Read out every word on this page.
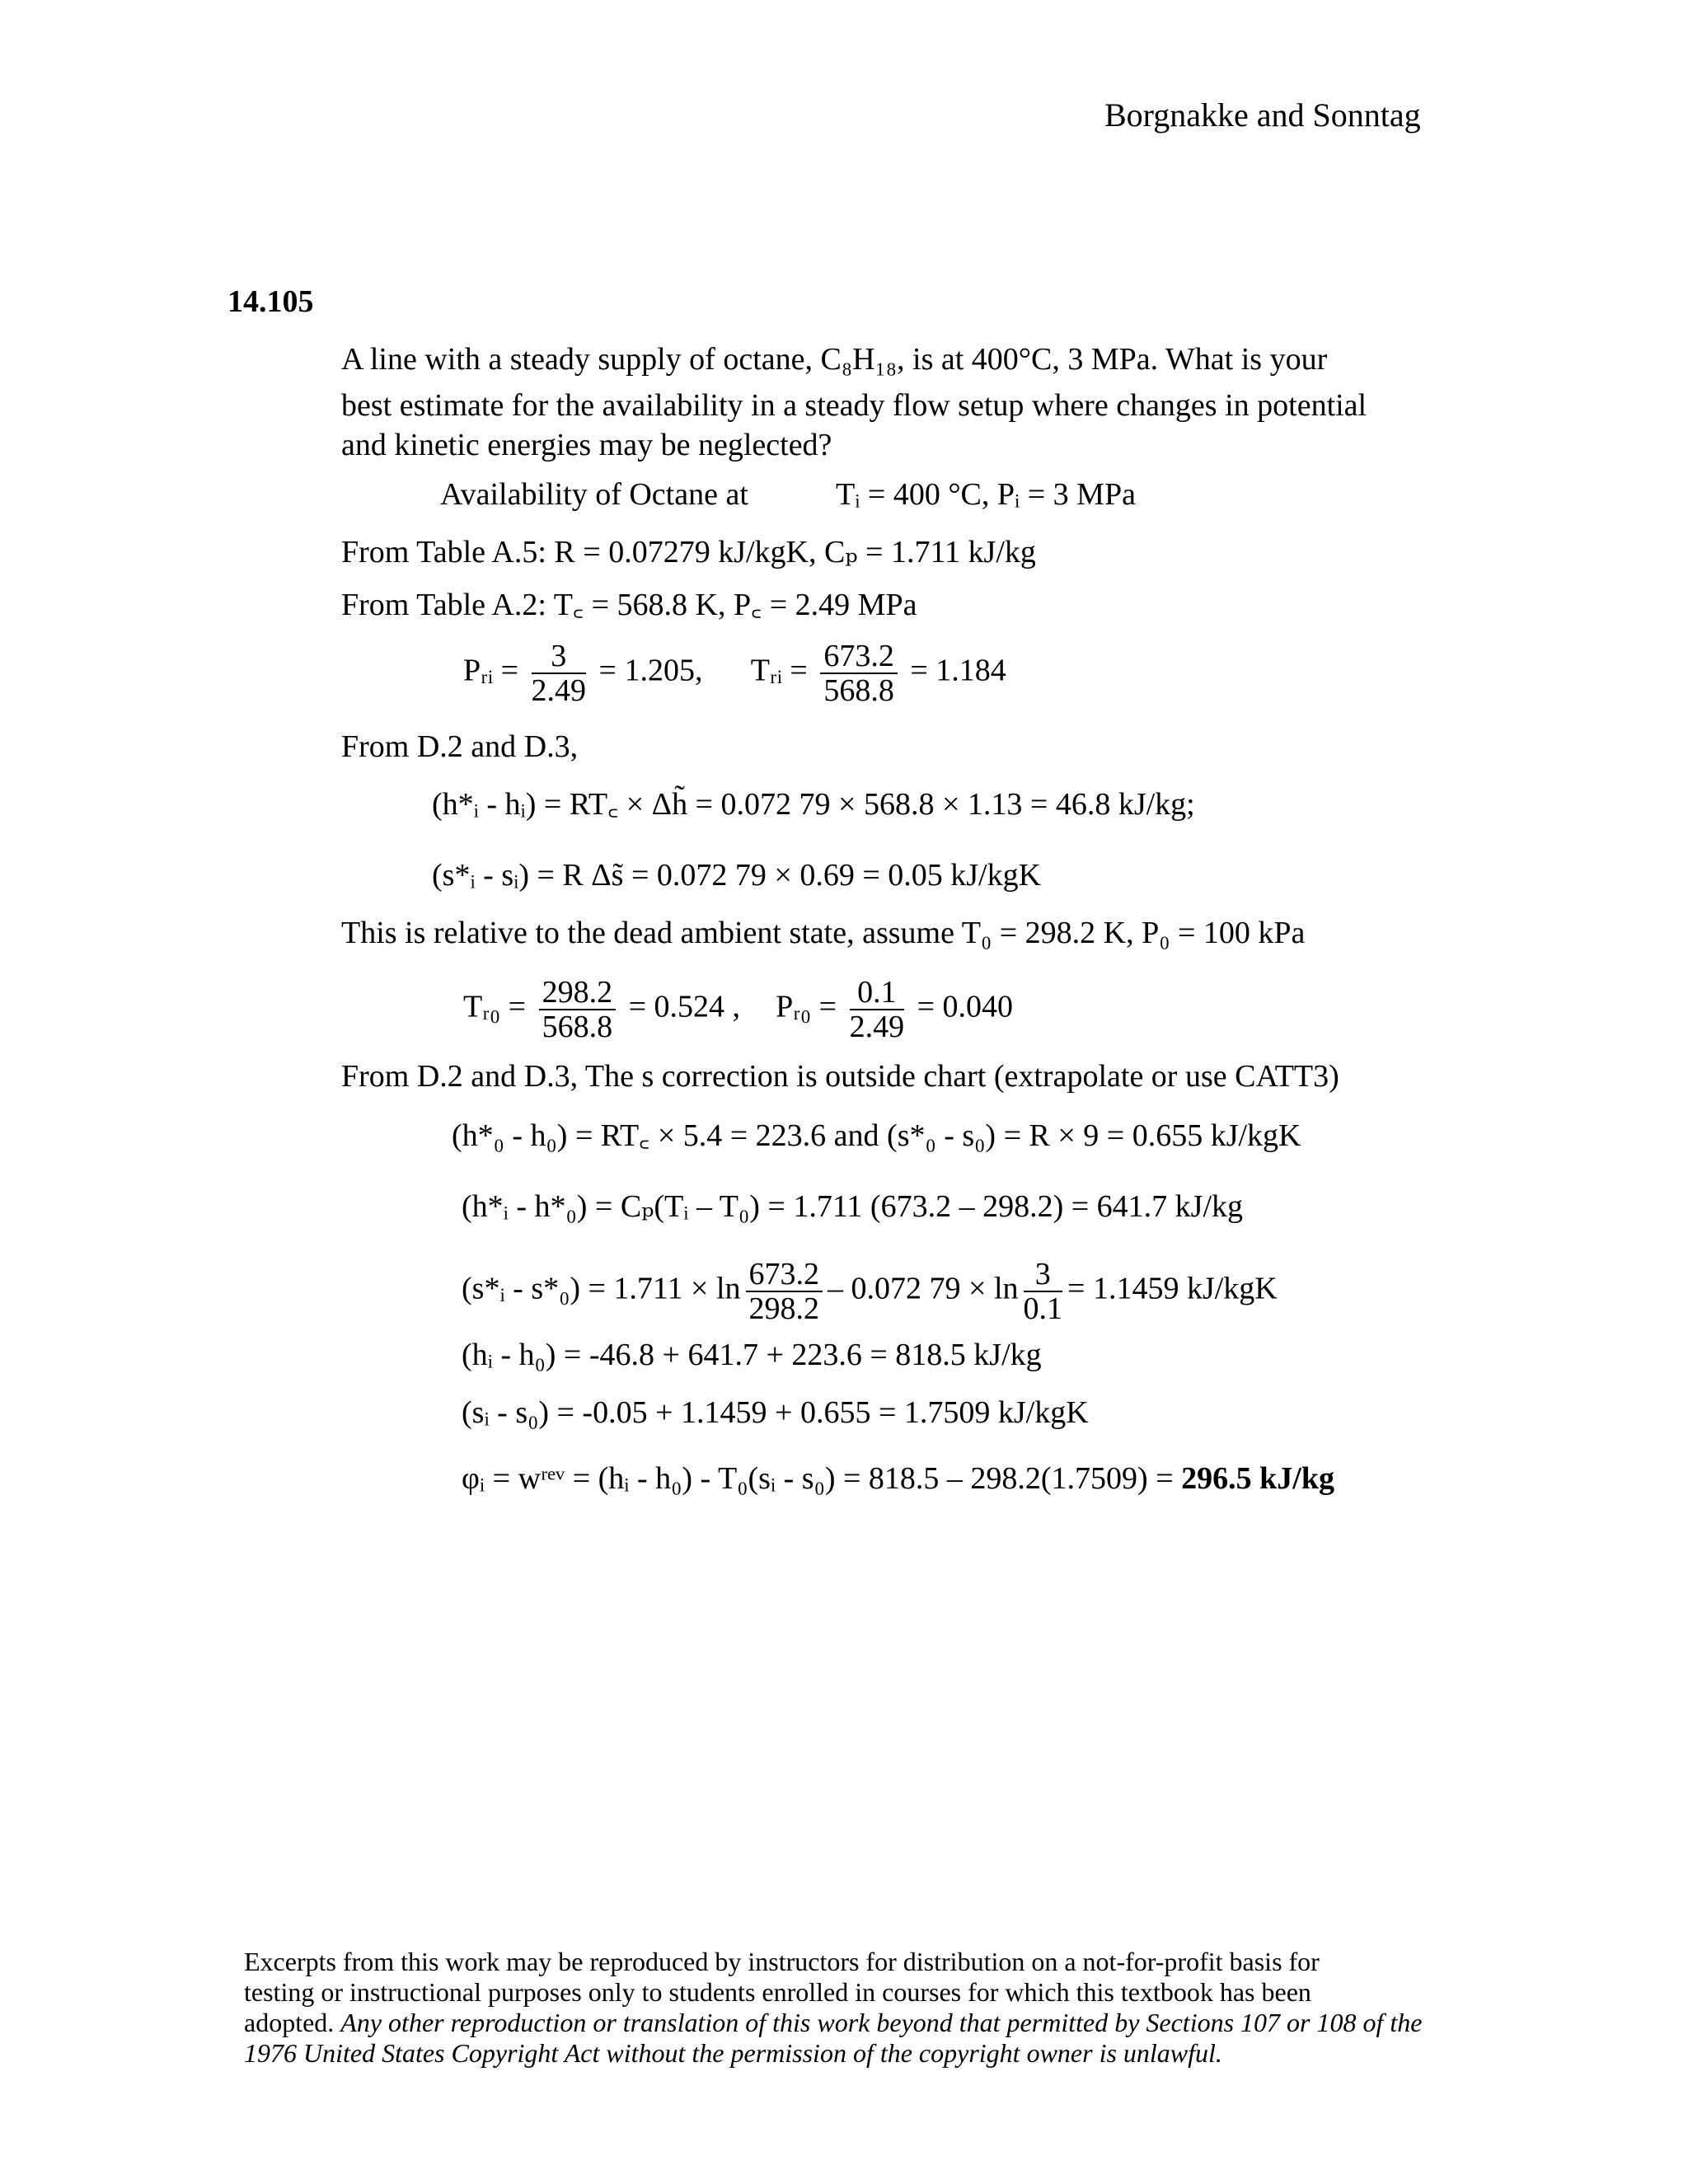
Borgnakke and Sonntag
14.105
A line with a steady supply of octane, C₈H₁₈, is at 400°C, 3 MPa. What is your
best estimate for the availability in a steady flow setup where changes in potential
and kinetic energies may be neglected?
Availability of Octane at	Tᵢ = 400 °C, Pᵢ = 3 MPa
From Table A.5: R = 0.07279 kJ/kgK, Cₚ = 1.711 kJ/kg
From Table A.2: T꜀ = 568.8 K, P꜀ = 2.49 MPa
Pᵣᵢ = $\frac{3}{2.49} = 1.205$, Tᵣᵢ = $\frac{673.2}{568.8} = 1.184$
From D.2 and D.3,
(h*ᵢ - hᵢ) = RT꜀ × Δh̃ = 0.072 79 × 568.8 × 1.13 = 46.8 kJ/kg;
(s*ᵢ - sᵢ) = R Δs̃ = 0.072 79 × 0.69 = 0.05 kJ/kgK
This is relative to the dead ambient state, assume T₀ = 298.2 K, P₀ = 100 kPa
Tᵣ₀ = $\frac{298.2}{568.8} = 0.524$ , Pᵣ₀ = $\frac{0.1}{2.49} = 0.040$
From D.2 and D.3, The s correction is outside chart (extrapolate or use CATT3)
(h*₀ - h₀) = RT꜀ × 5.4 = 223.6 and (s*₀ - s₀) = R × 9 = 0.655 kJ/kgK
(h*ᵢ - h*₀) = Cₚ(Tᵢ – T₀) = 1.711 (673.2 – 298.2) = 641.7 kJ/kg
(s*ᵢ - $s*_0) = 1.711 \times \ln \frac{673.2}{298.2} - 0.072$ $79 \times \ln \frac{3}{0.1} = 1.1459$ kJ/kgK
(hᵢ - h₀) = -46.8 + 641.7 + 223.6 = 818.5 kJ/kg
(sᵢ - s₀) = -0.05 + 1.1459 + 0.655 = 1.7509 kJ/kgK
φᵢ = wʳᵉᵛ = (hᵢ - h₀) - T₀(sᵢ - s₀) = 818.5 – 298.2(1.7509) = 296.5 kJ/kg
Excerpts from this work may be reproduced by instructors for distribution on a not-for-profit basis for
testing or instructional purposes only to students enrolled in courses for which this textbook has been
adopted. Any other reproduction or translation of this work beyond that permitted by Sections 107 or 108 of the 1976 United States Copyright Act without the permission of the copyright owner is unlawful.
